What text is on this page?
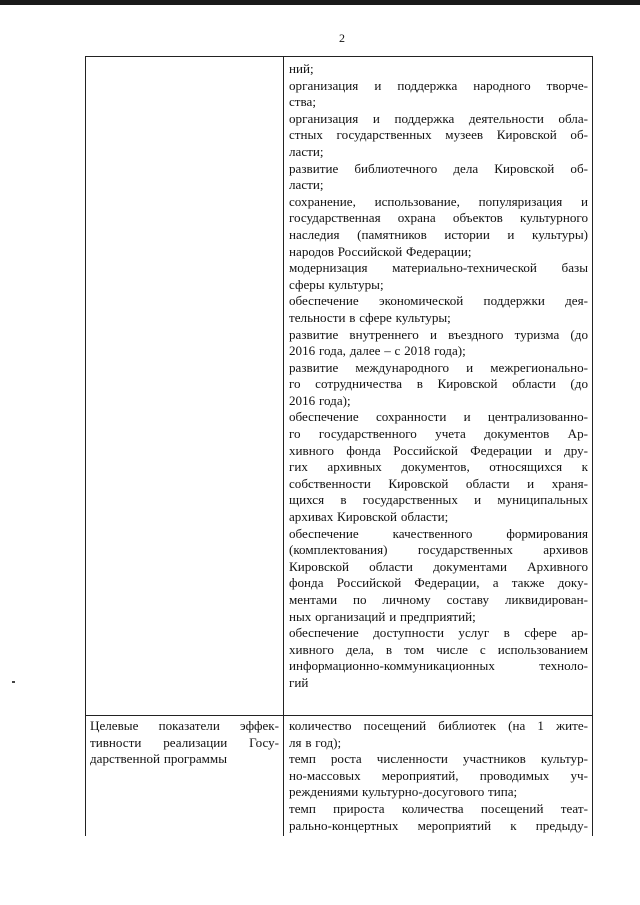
2
ний;
организация и поддержка народного творче-
ства;
организация и поддержка деятельности обла-
стных государственных музеев Кировской об-
ласти;
развитие библиотечного дела Кировской об-
ласти;
сохранение, использование, популяризация и
государственная охрана объектов культурного
наследия (памятников истории и культуры)
народов Российской Федерации;
модернизация материально-технической базы
сферы культуры;
обеспечение экономической поддержки дея-
тельности в сфере культуры;
развитие внутреннего и въездного туризма (до
2016 года, далее – с 2018 года);
развитие международного и межрегионально-
го сотрудничества в Кировской области (до
2016 года);
обеспечение сохранности и централизованно-
го государственного учета документов Ар-
хивного фонда Российской Федерации и дру-
гих архивных документов, относящихся к
собственности Кировской области и храня-
щихся в государственных и муниципальных
архивах Кировской области;
обеспечение качественного формирования
(комплектования) государственных архивов
Кировской области документами Архивного
фонда Российской Федерации, а также доку-
ментами по личному составу ликвидирован-
ных организаций и предприятий;
обеспечение доступности услуг в сфере ар-
хивного дела, в том числе с использованием
информационно-коммуникационных техноло-
гий
Целевые показатели эффек-
тивности реализации Госу-
дарственной программы
количество посещений библиотек (на 1 жите-
ля в год);
темп роста численности участников культур-
но-массовых мероприятий, проводимых уч-
реждениями культурно-досугового типа;
темп прироста количества посещений теат-
рально-концертных мероприятий к предыду-
